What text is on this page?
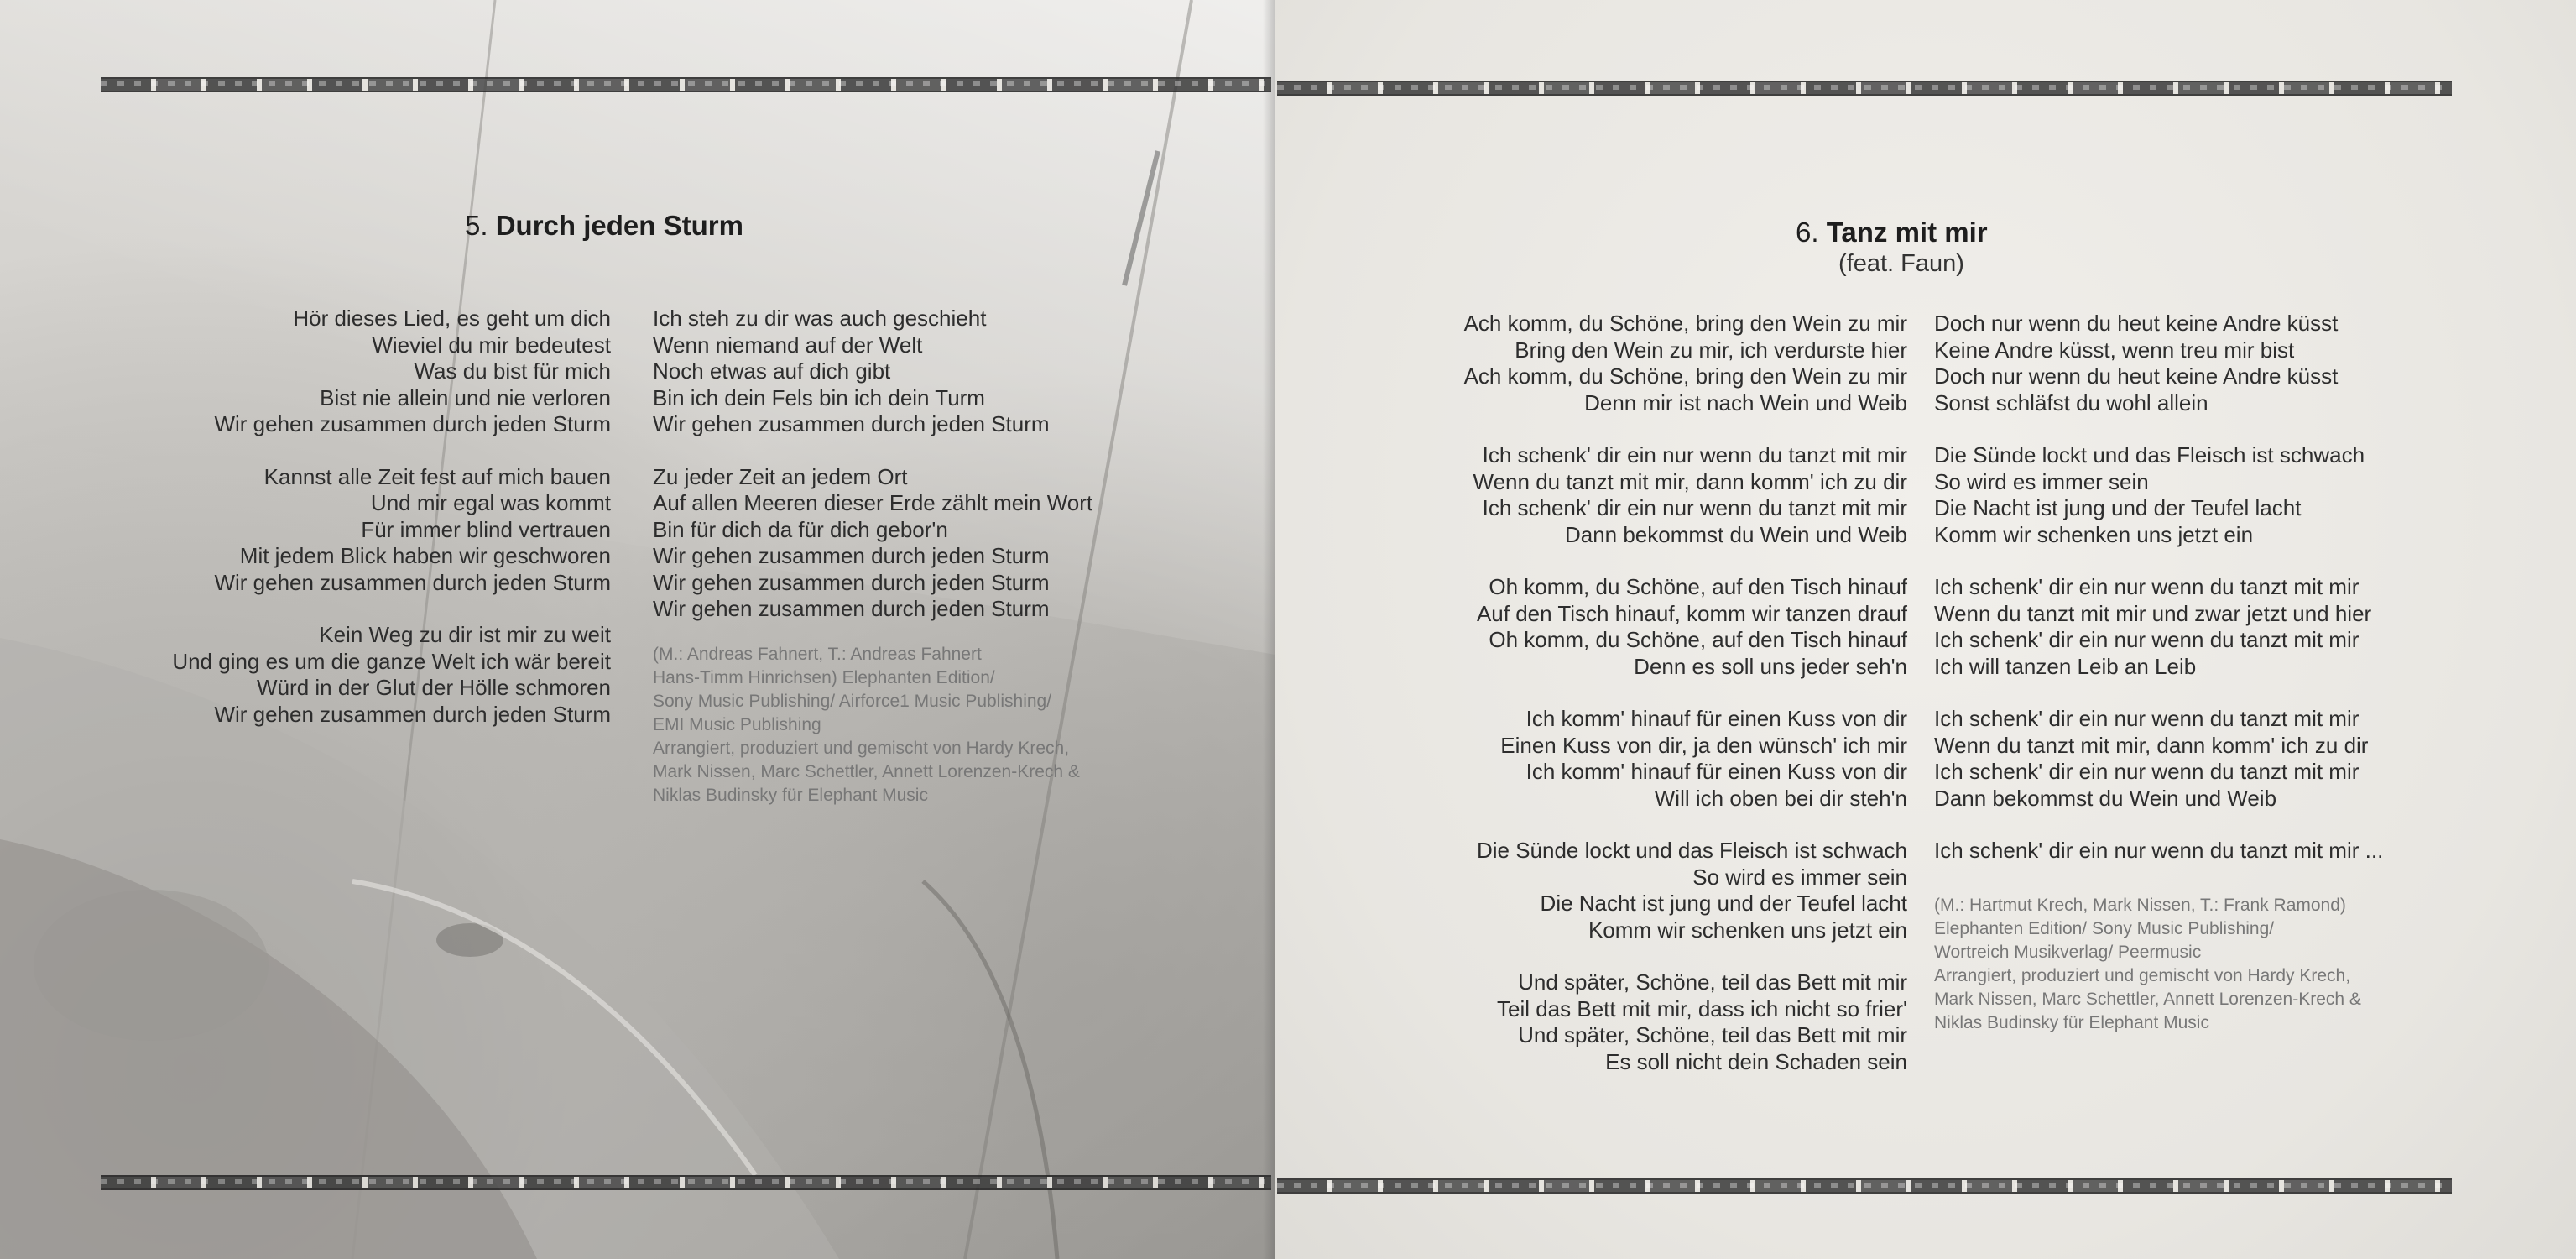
5. Durch jeden Sturm
Hör dieses Lied, es geht um dich
Wieviel du mir bedeutest
Was du bist für mich
Bist nie allein und nie verloren
Wir gehen zusammen durch jeden Sturm
Kannst alle Zeit fest auf mich bauen
Und mir egal was kommt
Für immer blind vertrauen
Mit jedem Blick haben wir geschworen
Wir gehen zusammen durch jeden Sturm
Kein Weg zu dir ist mir zu weit
Und ging es um die ganze Welt ich wär bereit
Würd in der Glut der Hölle schmoren
Wir gehen zusammen durch jeden Sturm
Ich steh zu dir was auch geschieht
Wenn niemand auf der Welt
Noch etwas auf dich gibt
Bin ich dein Fels bin ich dein Turm
Wir gehen zusammen durch jeden Sturm
Zu jeder Zeit an jedem Ort
Auf allen Meeren dieser Erde zählt mein Wort
Bin für dich da für dich gebor'n
Wir gehen zusammen durch jeden Sturm
Wir gehen zusammen durch jeden Sturm
Wir gehen zusammen durch jeden Sturm
(M.: Andreas Fahnert, T.: Andreas Fahnert
Hans-Timm Hinrichsen) Elephanten Edition/
Sony Music Publishing/ Airforce1 Music Publishing/
EMI Music Publishing
Arrangiert, produziert und gemischt von Hardy Krech,
Mark Nissen, Marc Schettler, Annett Lorenzen-Krech &
Niklas Budinsky für Elephant Music
6. Tanz mit mir
(feat. Faun)
Ach komm, du Schöne, bring den Wein zu mir
Bring den Wein zu mir, ich verdurste hier
Ach komm, du Schöne, bring den Wein zu mir
Denn mir ist nach Wein und Weib
Ich schenk' dir ein nur wenn du tanzt mit mir
Wenn du tanzt mit mir, dann komm' ich zu dir
Ich schenk' dir ein nur wenn du tanzt mit mir
Dann bekommst du Wein und Weib
Oh komm, du Schöne, auf den Tisch hinauf
Auf den Tisch hinauf, komm wir tanzen drauf
Oh komm, du Schöne, auf den Tisch hinauf
Denn es soll uns jeder seh'n
Ich komm' hinauf für einen Kuss von dir
Einen Kuss von dir, ja den wünsch' ich mir
Ich komm' hinauf für einen Kuss von dir
Will ich oben bei dir steh'n
Die Sünde lockt und das Fleisch ist schwach
So wird es immer sein
Die Nacht ist jung und der Teufel lacht
Komm wir schenken uns jetzt ein
Und später, Schöne, teil das Bett mit mir
Teil das Bett mit mir, dass ich nicht so frier'
Und später, Schöne, teil das Bett mit mir
Es soll nicht dein Schaden sein
Doch nur wenn du heut keine Andre küsst
Keine Andre küsst, wenn treu mir bist
Doch nur wenn du heut keine Andre küsst
Sonst schläfst du wohl allein
Die Sünde lockt und das Fleisch ist schwach
So wird es immer sein
Die Nacht ist jung und der Teufel lacht
Komm wir schenken uns jetzt ein
Ich schenk' dir ein nur wenn du tanzt mit mir
Wenn du tanzt mit mir und zwar jetzt und hier
Ich schenk' dir ein nur wenn du tanzt mit mir
Ich will tanzen Leib an Leib
Ich schenk' dir ein nur wenn du tanzt mit mir
Wenn du tanzt mit mir, dann komm' ich zu dir
Ich schenk' dir ein nur wenn du tanzt mit mir
Dann bekommst du Wein und Weib
Ich schenk' dir ein nur wenn du tanzt mit mir ...
(M.: Hartmut Krech, Mark Nissen, T.: Frank Ramond)
Elephanten Edition/ Sony Music Publishing/
Wortreich Musikverlag/ Peermusic
Arrangiert, produziert und gemischt von Hardy Krech,
Mark Nissen, Marc Schettler, Annett Lorenzen-Krech &
Niklas Budinsky für Elephant Music
